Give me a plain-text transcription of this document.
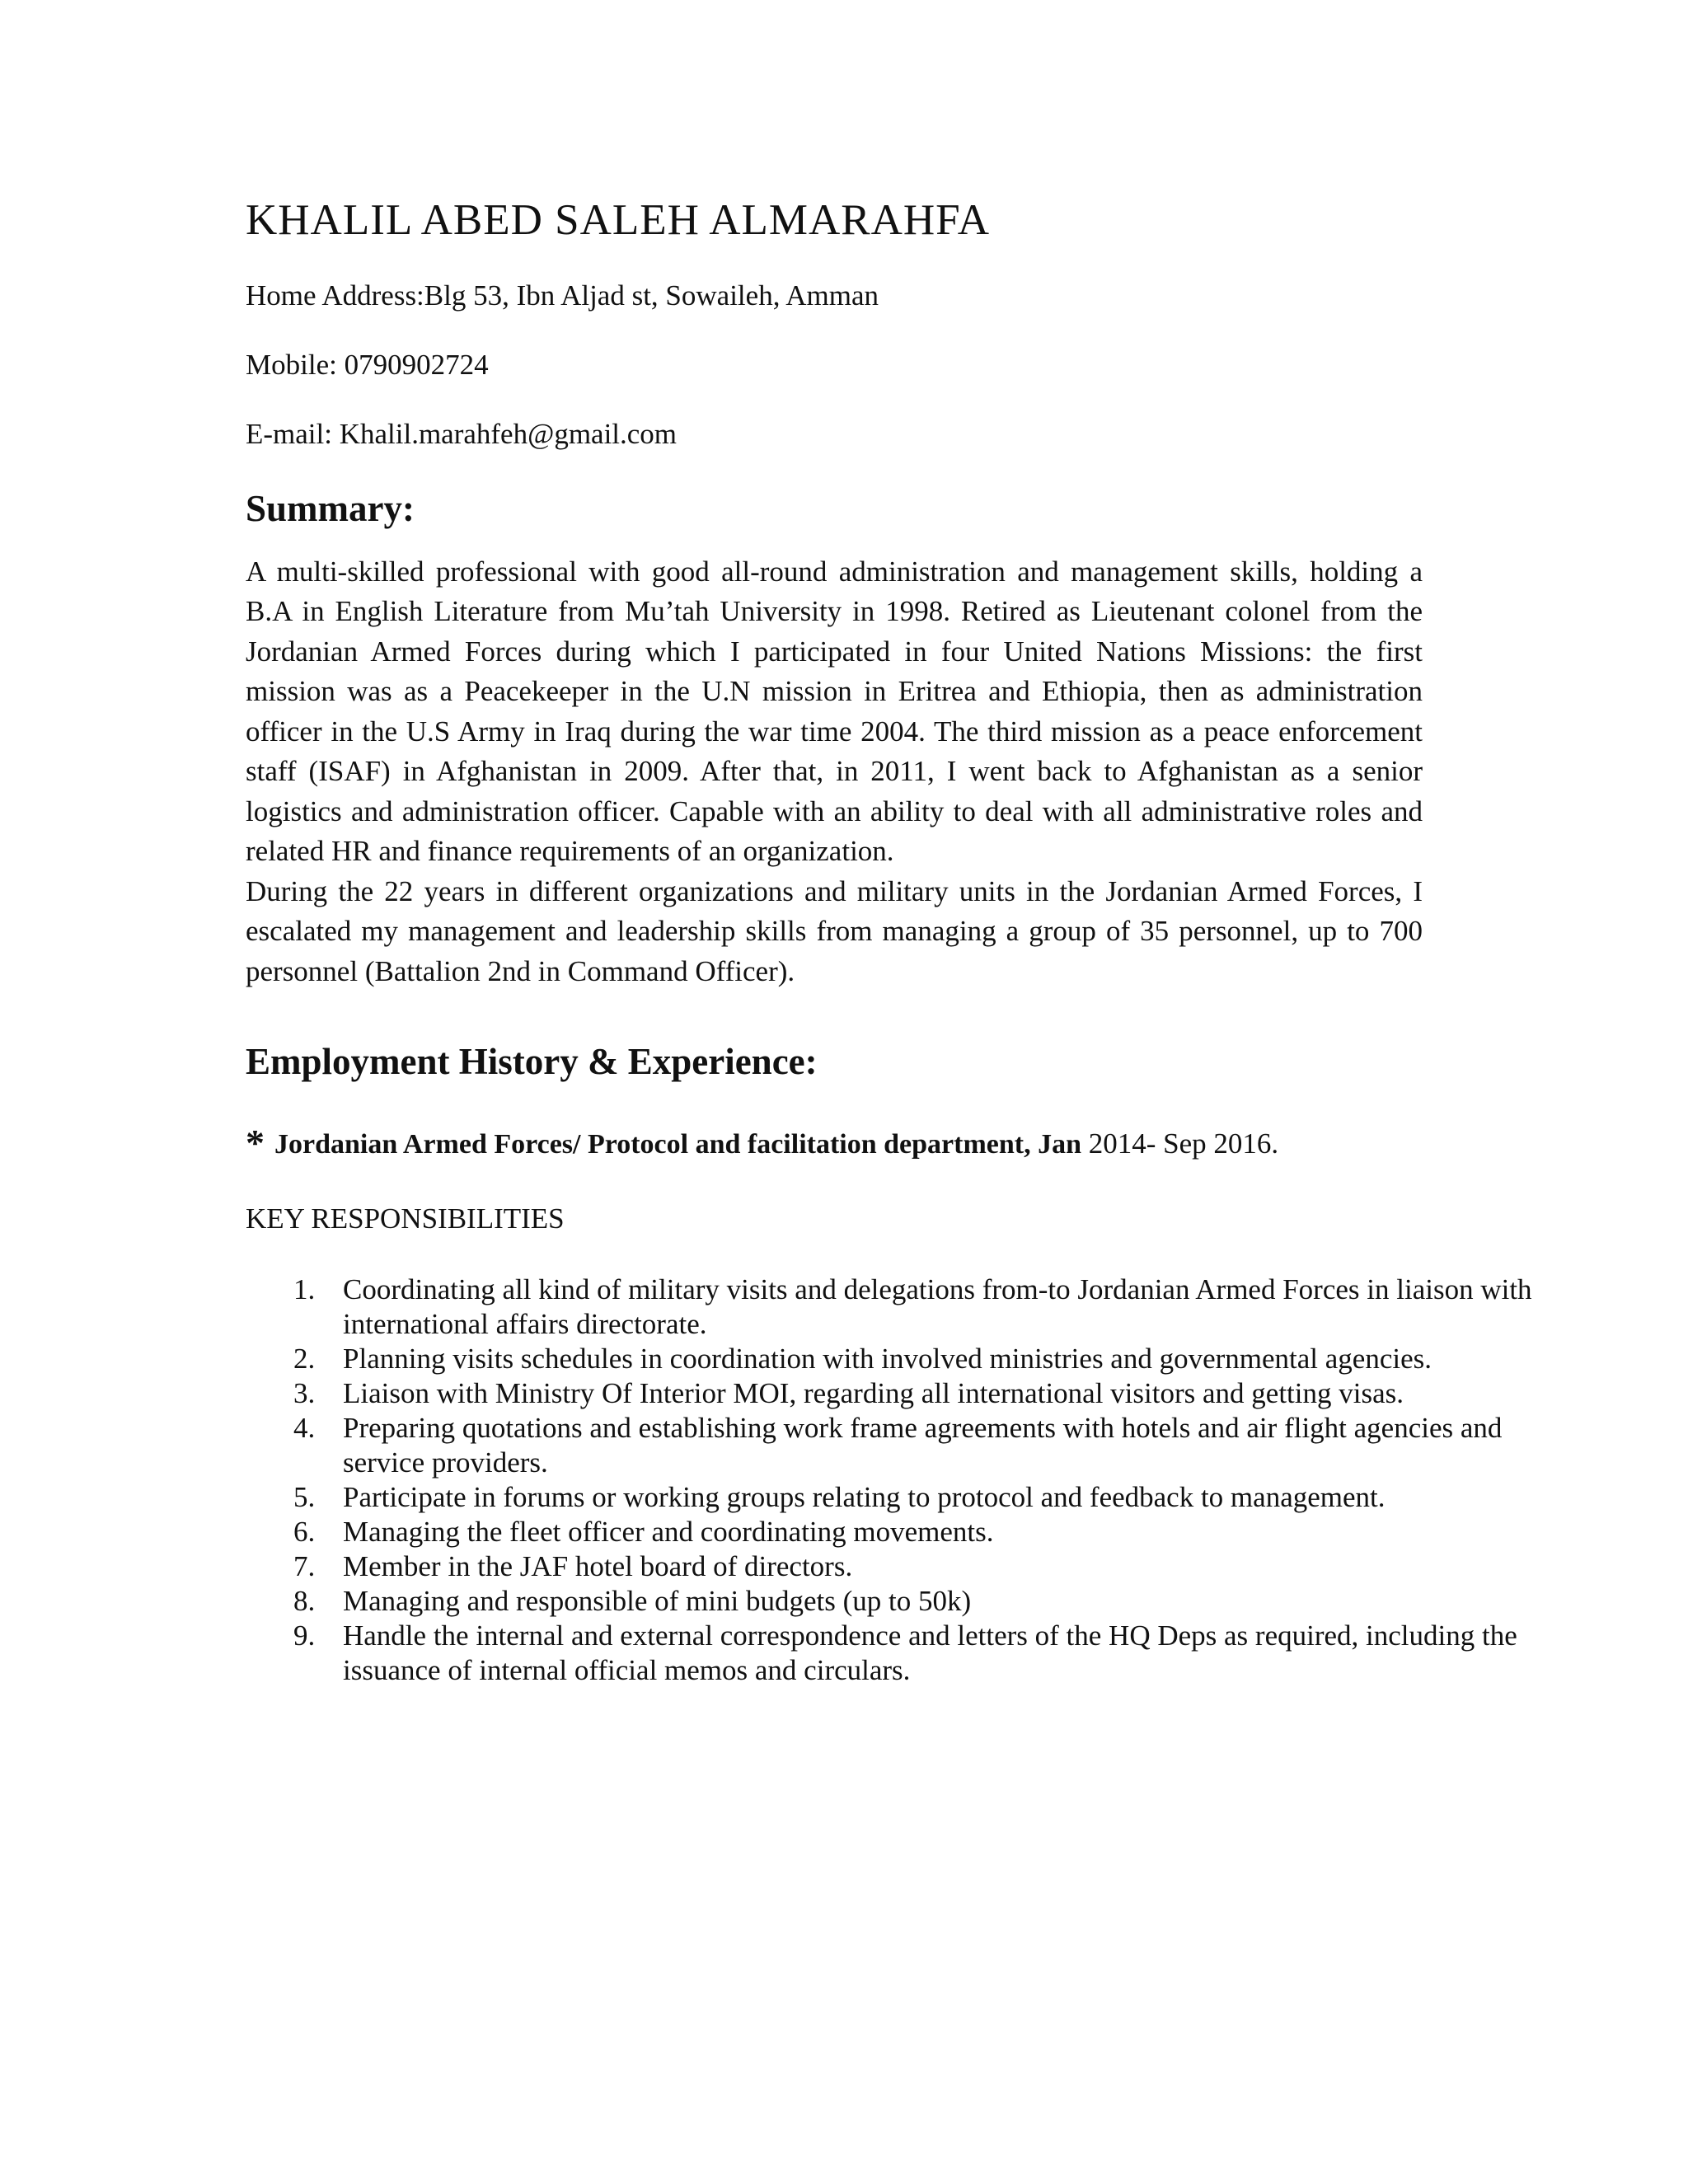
KHALIL ABED SALEH ALMARAHFA
Home Address:Blg 53, Ibn Aljad st, Sowaileh, Amman
Mobile: 0790902724
E-mail: Khalil.marahfeh@gmail.com
Summary:

A multi-skilled professional with good all-round administration and management skills, holding a B.A in English Literature from Mu’tah University in 1998. Retired as Lieutenant colonel from the Jordanian Armed Forces during which I participated in four United Nations Missions: the first mission was as a Peacekeeper in the U.N mission in Eritrea and Ethiopia, then as administration officer in the U.S Army in Iraq during the war time 2004. The third mission as a peace enforcement staff (ISAF) in Afghanistan in 2009. After that, in 2011, I went back to Afghanistan as a senior logistics and administration officer. Capable with an ability to deal with all administrative roles and related HR and finance requirements of an organization.

During the 22 years in different organizations and military units in the Jordanian Armed Forces, I escalated my management and leadership skills from managing a group of 35 personnel, up to 700 personnel (Battalion 2nd in Command Officer).

Employment History & Experience:
* Jordanian Armed Forces/ Protocol and facilitation department, Jan 2014- Sep 2016.
KEY RESPONSIBILITIES
1. Coordinating all kind of military visits and delegations from-to Jordanian Armed Forces in liaison with international affairs directorate.
2. Planning visits schedules in coordination with involved ministries and governmental agencies.
3. Liaison with Ministry Of Interior MOI, regarding all international visitors and getting visas.
4. Preparing quotations and establishing work frame agreements with hotels and air flight agencies and service providers.
5. Participate in forums or working groups relating to protocol and feedback to management.
6. Managing the fleet officer and coordinating movements.
7. Member in the JAF hotel board of directors.
8. Managing and responsible of mini budgets (up to 50k)
9. Handle the internal and external correspondence and letters of the HQ Deps as required, including the issuance of internal official memos and circulars.
